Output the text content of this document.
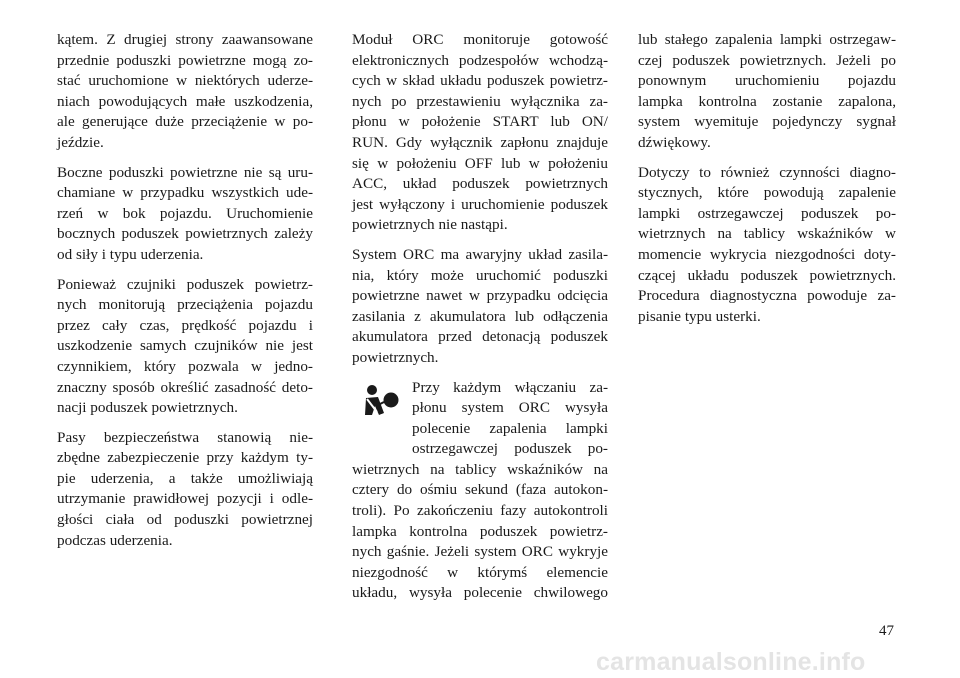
kątem. Z drugiej strony zaawansowane
przednie poduszki powietrzne mogą zo-
stać uruchomione w niektórych uderze-
niach powodujących małe uszkodzenia,
ale generujące duże przeciążenie w po-
jeździe.

Boczne poduszki powietrzne nie są uru-
chamiane w przypadku wszystkich ude-
rzeń w bok pojazdu. Uruchomienie
bocznych poduszek powietrznych zależy
od siły i typu uderzenia.

Ponieważ czujniki poduszek powietrz-
nych monitorują przeciążenia pojazdu
przez cały czas, prędkość pojazdu i
uszkodzenie samych czujników nie jest
czynnikiem, który pozwala w jedno-
znaczny sposób określić zasadność deto-
nacji poduszek powietrznych.

Pasy bezpieczeństwa stanowią nie-
zbędne zabezpieczenie przy każdym ty-
pie uderzenia, a także umożliwiają
utrzymanie prawidłowej pozycji i odle-
głości ciała od poduszki powietrznej
podczas uderzenia.

Moduł ORC monitoruje gotowość
elektronicznych podzespołów wchodzą-
cych w skład układu poduszek powietrz-
nych po przestawieniu wyłącznika za-
płonu w położenie START lub ON/
RUN. Gdy wyłącznik zapłonu znajduje
się w położeniu OFF lub w położeniu
ACC, układ poduszek powietrznych
jest wyłączony i uruchomienie poduszek
powietrznych nie nastąpi.

System ORC ma awaryjny układ zasila-
nia, który może uruchomić poduszki
powietrzne nawet w przypadku odcięcia
zasilania z akumulatora lub odłączenia
akumulatora przed detonacją poduszek
powietrznych.

Przy każdym włączaniu za-
płonu system ORC wysyła
polecenie zapalenia lampki
ostrzegawczej poduszek po-
wietrznych na tablicy wskaźników na
cztery do ośmiu sekund (faza autokon-
troli). Po zakończeniu fazy autokontroli
lampka kontrolna poduszek powietrz-
nych gaśnie. Jeżeli system ORC wykryje
niezgodność w którymś elemencie
układu, wysyła polecenie chwilowego

lub stałego zapalenia lampki ostrzegaw-
czej poduszek powietrznych. Jeżeli po
ponownym uruchomieniu pojazdu
lampka kontrolna zostanie zapalona,
system wyemituje pojedynczy sygnał
dźwiękowy.

Dotyczy to również czynności diagno-
stycznych, które powodują zapalenie
lampki ostrzegawczej poduszek po-
wietrznych na tablicy wskaźników w
momencie wykrycia niezgodności doty-
czącej układu poduszek powietrznych.
Procedura diagnostyczna powoduje za-
pisanie typu usterki.

47
carmanualsonline.info
